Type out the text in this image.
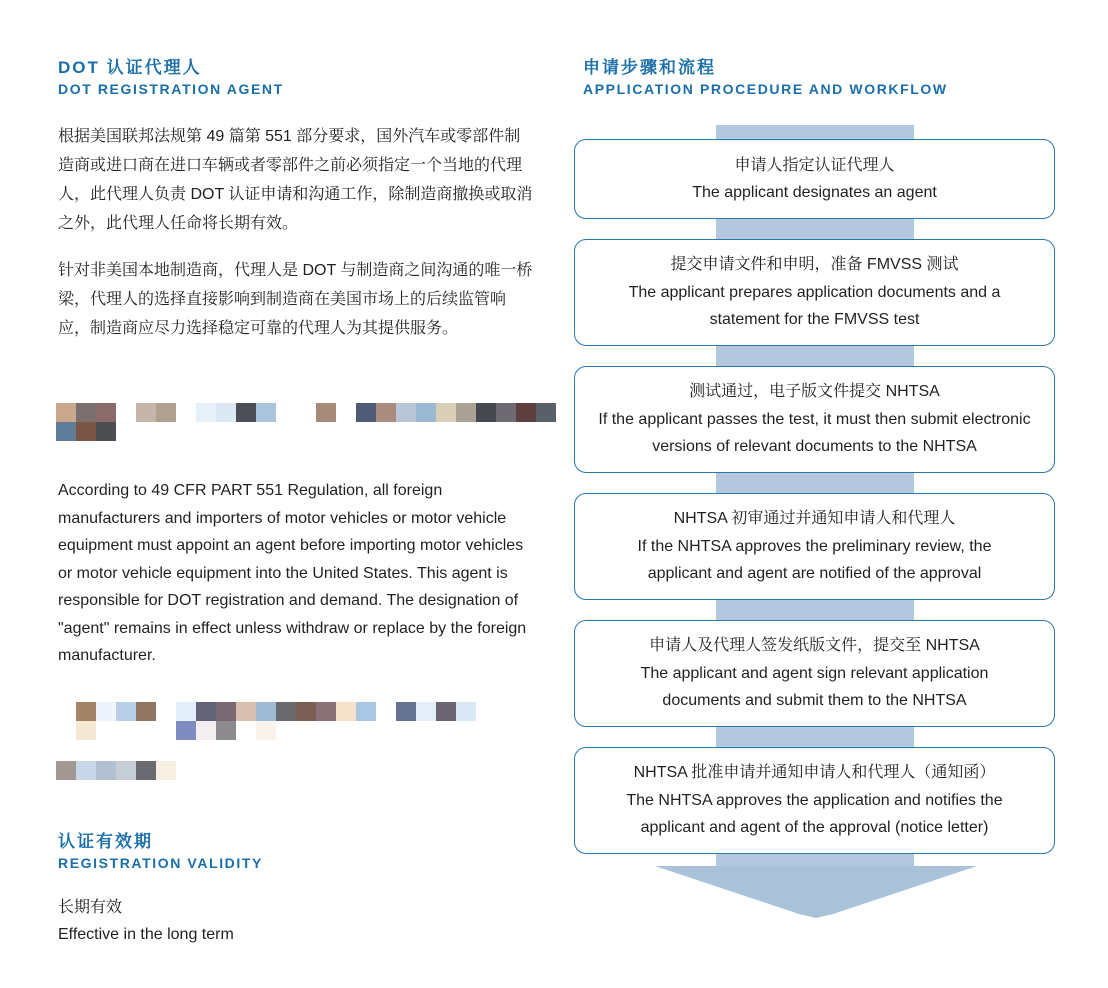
DOT 认证代理人
DOT REGISTRATION AGENT

根据美国联邦法规第 49 篇第 551 部分要求，国外汽车或零部件制造商或进口商在进口车辆或者零部件之前必须指定一个当地的代理人，此代理人负责 DOT 认证申请和沟通工作，除制造商撤换或取消之外，此代理人任命将长期有效。

针对非美国本地制造商，代理人是 DOT 与制造商之间沟通的唯一桥梁，代理人的选择直接影响到制造商在美国市场上的后续监管响应，制造商应尽力选择稳定可靠的代理人为其提供服务。

According to 49 CFR PART 551 Regulation, all foreign manufacturers and importers of motor vehicles or motor vehicle equipment must appoint an agent before importing motor vehicles or motor vehicle equipment into the United States. This agent is responsible for DOT registration and demand. The designation of "agent" remains in effect unless withdraw or replace by the foreign manufacturer.

认证有效期
REGISTRATION VALIDITY

长期有效

Effective in the long term

申请步骤和流程
APPLICATION PROCEDURE AND WORKFLOW
申请人指定认证代理人
The applicant designates an agent
提交申请文件和申明，准备 FMVSS 测试
The applicant prepares application documents and a statement for the FMVSS test
测试通过，电子版文件提交 NHTSA
If the applicant passes the test, it must then submit electronic versions of relevant documents to the NHTSA
NHTSA 初审通过并通知申请人和代理人
If the NHTSA approves the preliminary review, the applicant and agent are notified of the approval
申请人及代理人签发纸版文件，提交至 NHTSA
The applicant and agent sign relevant application documents and submit them to the NHTSA
NHTSA 批准申请并通知申请人和代理人（通知函）
The NHTSA approves the application and notifies the applicant and agent of the approval (notice letter)
